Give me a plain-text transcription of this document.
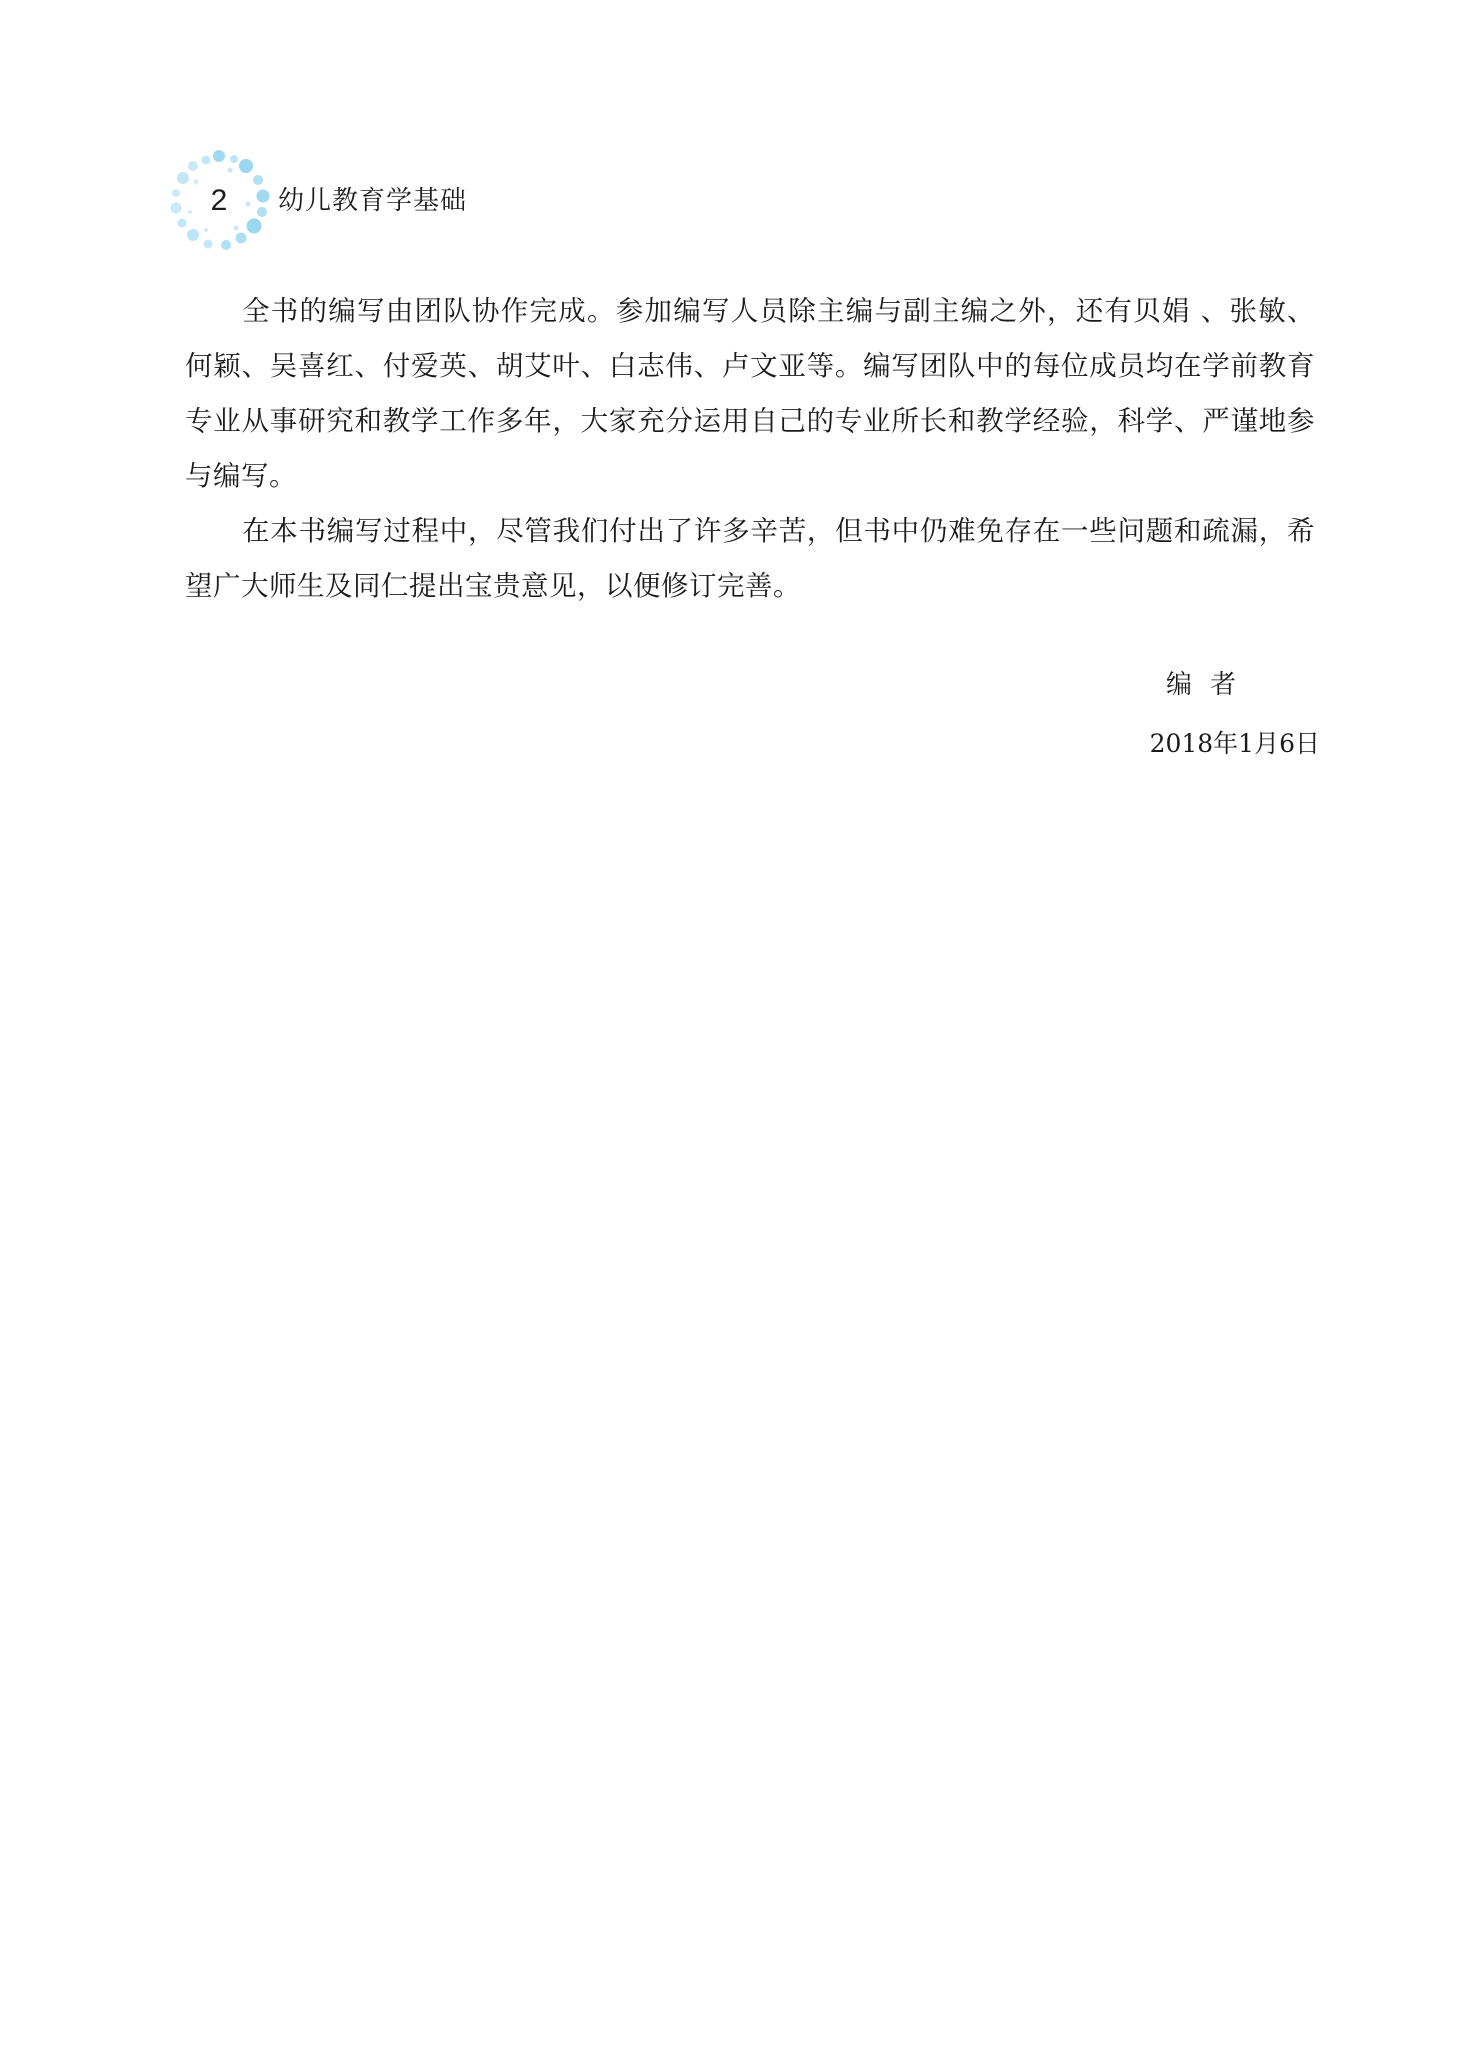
2	幼儿教育学基础

全书的编写由团队协作完成。参加编写人员除主编与副主编之外，还有贝娟 、张敏、何颖、吴喜红、付爱英、胡艾叶、白志伟、卢文亚等。编写团队中的每位成员均在学前教育专业从事研究和教学工作多年，大家充分运用自己的专业所长和教学经验，科学、严谨地参与编写。

在本书编写过程中，尽管我们付出了许多辛苦，但书中仍难免存在一些问题和疏漏，希望广大师生及同仁提出宝贵意见，以便修订完善。

编者
2018年1月6日
